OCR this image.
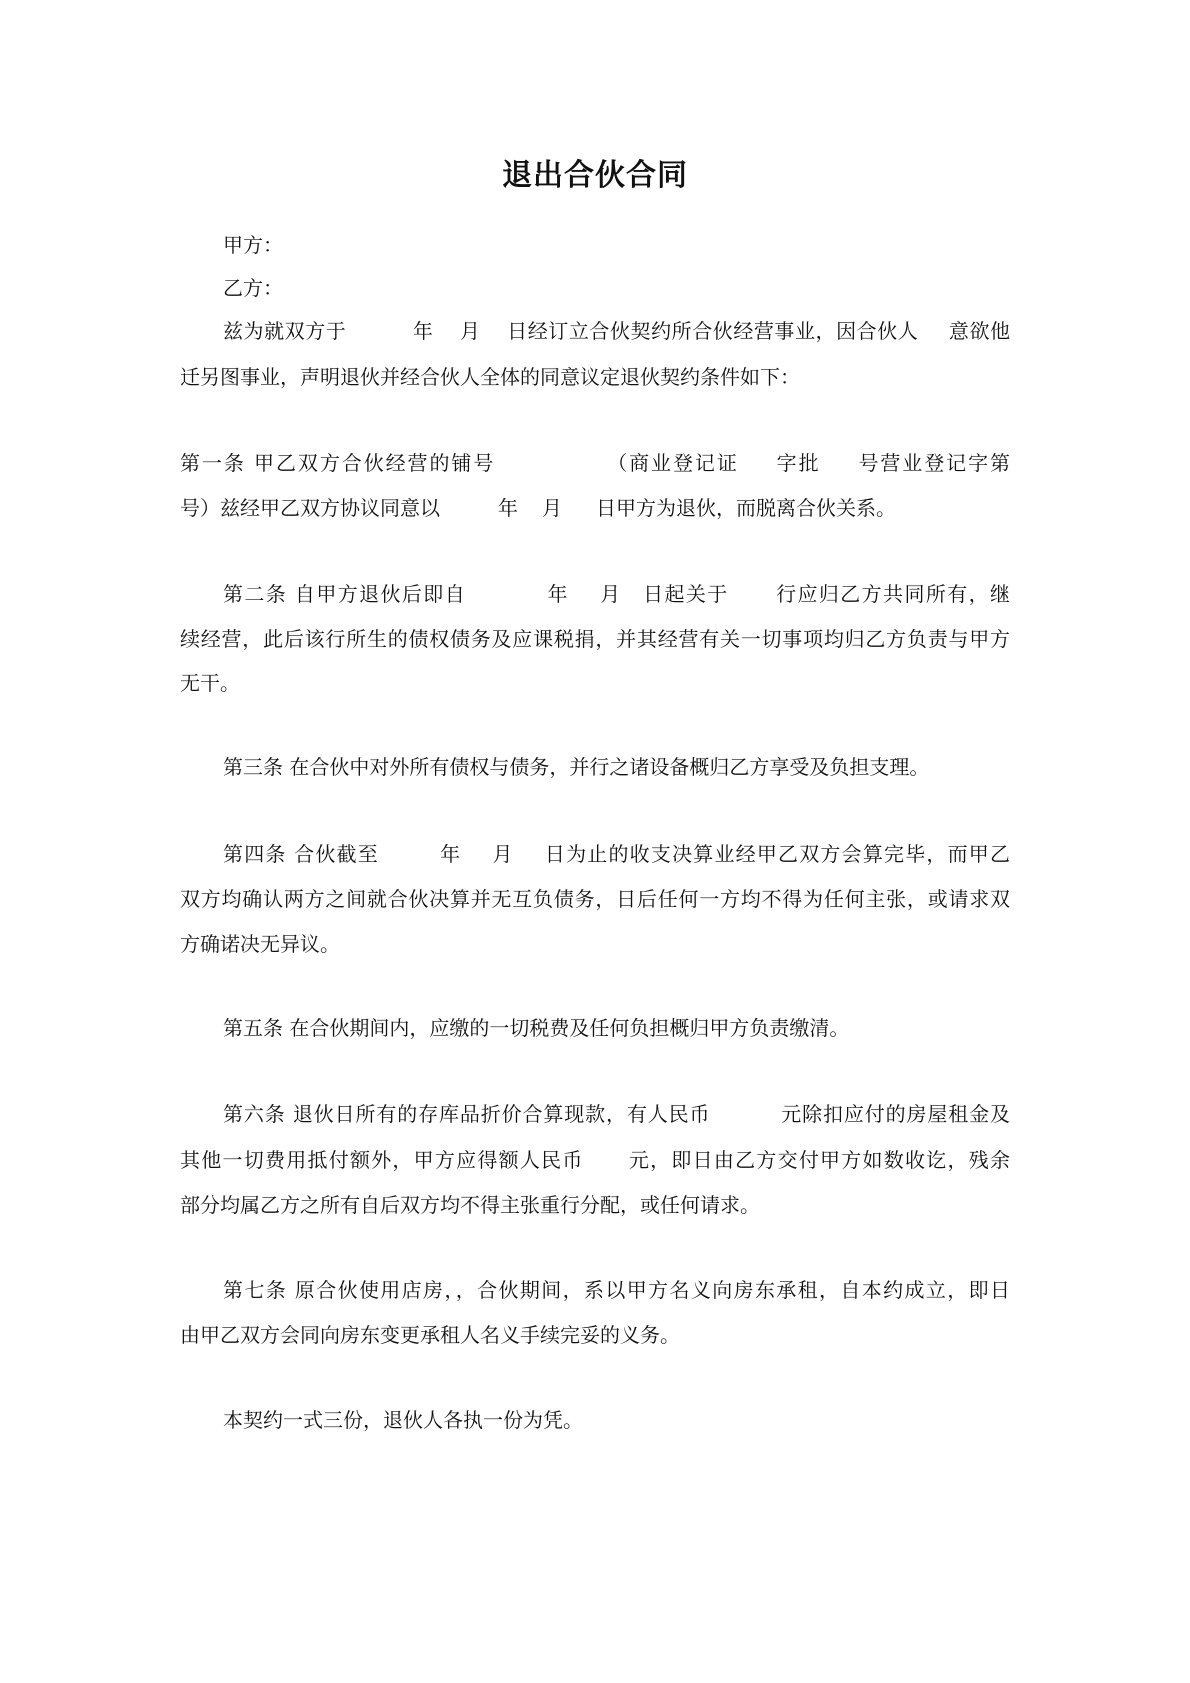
退出合伙合同

甲方：

乙方：

兹为就双方于	年 月 日经订立合伙契约所合伙经营事业，因合伙人 意欲他

迁另图事业，声明退伙并经合伙人全体的同意议定退伙契约条件如下：

第一条 甲乙双方合伙经营的铺号	（商业登记证 字批 号营业登记字第

号）兹经甲乙双方协议同意以	年 月 日甲方为退伙，而脱离合伙关系。

第二条 自甲方退伙后即自	年 月 日起关于 行应归乙方共同所有，继

续经营，此后该行所生的债权债务及应课税捐，并其经营有关一切事项均归乙方负责与甲方

无干。

第三条 在合伙中对外所有债权与债务，并行之诸设备概归乙方享受及负担支理。

第四条 合伙截至	年 月 日为止的收支决算业经甲乙双方会算完毕，而甲乙

双方均确认两方之间就合伙决算并无互负债务，日后任何一方均不得为任何主张，或请求双

方确诺决无异议。

第五条 在合伙期间内，应缴的一切税费及任何负担概归甲方负责缴清。

第六条 退伙日所有的存库品折价合算现款，有人民币	元除扣应付的房屋租金及

其他一切费用抵付额外，甲方应得额人民币 元，即日由乙方交付甲方如数收讫，残余

部分均属乙方之所有自后双方均不得主张重行分配，或任何请求。

第七条 原合伙使用店房，，合伙期间，系以甲方名义向房东承租，自本约成立，即日

由甲乙双方会同向房东变更承租人名义手续完妥的义务。

本契约一式三份，退伙人各执一份为凭。
